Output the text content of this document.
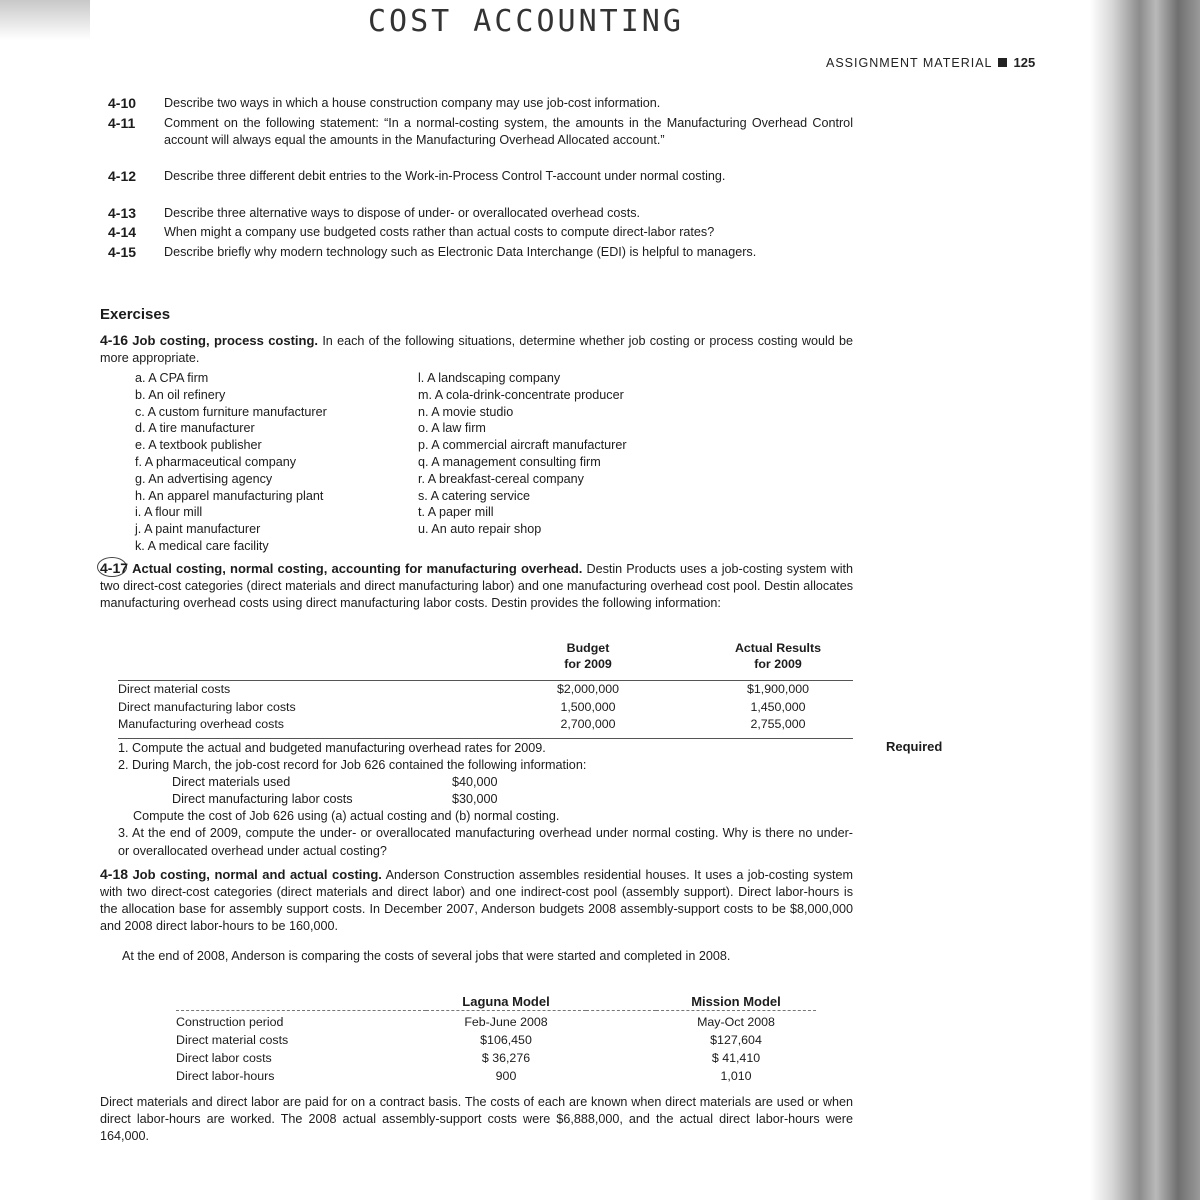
COST ACCOUNTING
ASSIGNMENT MATERIAL 125
4-10 Describe two ways in which a house construction company may use job-cost information.
4-11 Comment on the following statement: “In a normal-costing system, the amounts in the Manufacturing Overhead Control account will always equal the amounts in the Manufacturing Overhead Allocated account.”
4-12 Describe three different debit entries to the Work-in-Process Control T-account under normal costing.
4-13 Describe three alternative ways to dispose of under- or overallocated overhead costs.
4-14 When might a company use budgeted costs rather than actual costs to compute direct-labor rates?
4-15 Describe briefly why modern technology such as Electronic Data Interchange (EDI) is helpful to managers.
Exercises
4-16 Job costing, process costing. In each of the following situations, determine whether job costing or process costing would be more appropriate.
a. A CPA firm
b. An oil refinery
c. A custom furniture manufacturer
d. A tire manufacturer
e. A textbook publisher
f. A pharmaceutical company
g. An advertising agency
h. An apparel manufacturing plant
i. A flour mill
j. A paint manufacturer
k. A medical care facility
l. A landscaping company
m. A cola-drink-concentrate producer
n. A movie studio
o. A law firm
p. A commercial aircraft manufacturer
q. A management consulting firm
r. A breakfast-cereal company
s. A catering service
t. A paper mill
u. An auto repair shop
4-17 Actual costing, normal costing, accounting for manufacturing overhead. Destin Products uses a job-costing system with two direct-cost categories (direct materials and direct manufacturing labor) and one manufacturing overhead cost pool. Destin allocates manufacturing overhead costs using direct manufacturing labor costs. Destin provides the following information:
	Budget
for 2009		Actual Results
for 2009

Direct material costs	$2,000,000		$1,900,000
Direct manufacturing labor costs	1,500,000		1,450,000
Manufacturing overhead costs	2,700,000		2,755,000
Required
1. Compute the actual and budgeted manufacturing overhead rates for 2009.
2. During March, the job-cost record for Job 626 contained the following information:
Direct materials used	$40,000
Direct manufacturing labor costs	$30,000
Compute the cost of Job 626 using (a) actual costing and (b) normal costing.
3. At the end of 2009, compute the under- or overallocated manufacturing overhead under normal costing. Why is there no under- or overallocated overhead under actual costing?
4-18 Job costing, normal and actual costing. Anderson Construction assembles residential houses. It uses a job-costing system with two direct-cost categories (direct materials and direct labor) and one indirect-cost pool (assembly support). Direct labor-hours is the allocation base for assembly support costs. In December 2007, Anderson budgets 2008 assembly-support costs to be $8,000,000 and 2008 direct labor-hours to be 160,000.
At the end of 2008, Anderson is comparing the costs of several jobs that were started and completed in 2008.
	Laguna Model		Mission Model

Construction period	Feb-June 2008		May-Oct 2008
Direct material costs	$106,450		$127,604
Direct labor costs	$ 36,276		$ 41,410
Direct labor-hours	900		1,010
Direct materials and direct labor are paid for on a contract basis. The costs of each are known when direct materials are used or when direct labor-hours are worked. The 2008 actual assembly-support costs were $6,888,000, and the actual direct labor-hours were 164,000.
